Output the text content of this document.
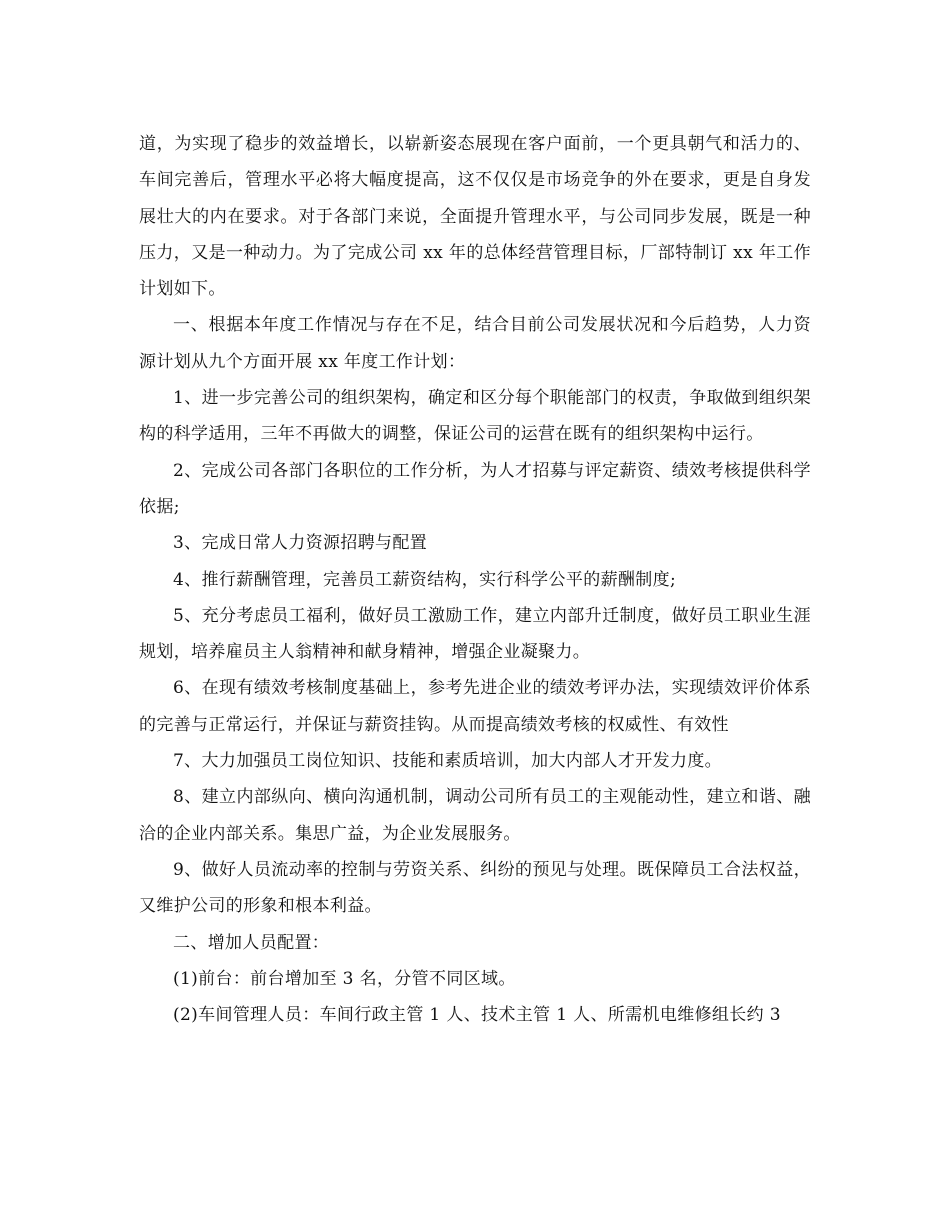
道，为实现了稳步的效益增长，以崭新姿态展现在客户面前，一个更具朝气和活力的、车间完善后，管理水平必将大幅度提高，这不仅仅是市场竞争的外在要求，更是自身发展壮大的内在要求。对于各部门来说，全面提升管理水平，与公司同步发展，既是一种压力，又是一种动力。为了完成公司 xx 年的总体经营管理目标，厂部特制订 xx 年工作计划如下。

一、根据本年度工作情况与存在不足，结合目前公司发展状况和今后趋势，人力资源计划从九个方面开展 xx 年度工作计划：

1、进一步完善公司的组织架构，确定和区分每个职能部门的权责，争取做到组织架构的科学适用，三年不再做大的调整，保证公司的运营在既有的组织架构中运行。

2、完成公司各部门各职位的工作分析，为人才招募与评定薪资、绩效考核提供科学依据;

3、完成日常人力资源招聘与配置

4、推行薪酬管理，完善员工薪资结构，实行科学公平的薪酬制度;

5、充分考虑员工福利，做好员工激励工作，建立内部升迁制度，做好员工职业生涯规划，培养雇员主人翁精神和献身精神，增强企业凝聚力。

6、在现有绩效考核制度基础上，参考先进企业的绩效考评办法，实现绩效评价体系的完善与正常运行，并保证与薪资挂钩。从而提高绩效考核的权威性、有效性

7、大力加强员工岗位知识、技能和素质培训，加大内部人才开发力度。

8、建立内部纵向、横向沟通机制，调动公司所有员工的主观能动性，建立和谐、融洽的企业内部关系。集思广益，为企业发展服务。

9、做好人员流动率的控制与劳资关系、纠纷的预见与处理。既保障员工合法权益，又维护公司的形象和根本利益。

二、增加人员配置：

(1)前台：前台增加至 3 名，分管不同区域。

(2)车间管理人员：车间行政主管 1 人、技术主管 1 人、所需机电维修组长约 3
